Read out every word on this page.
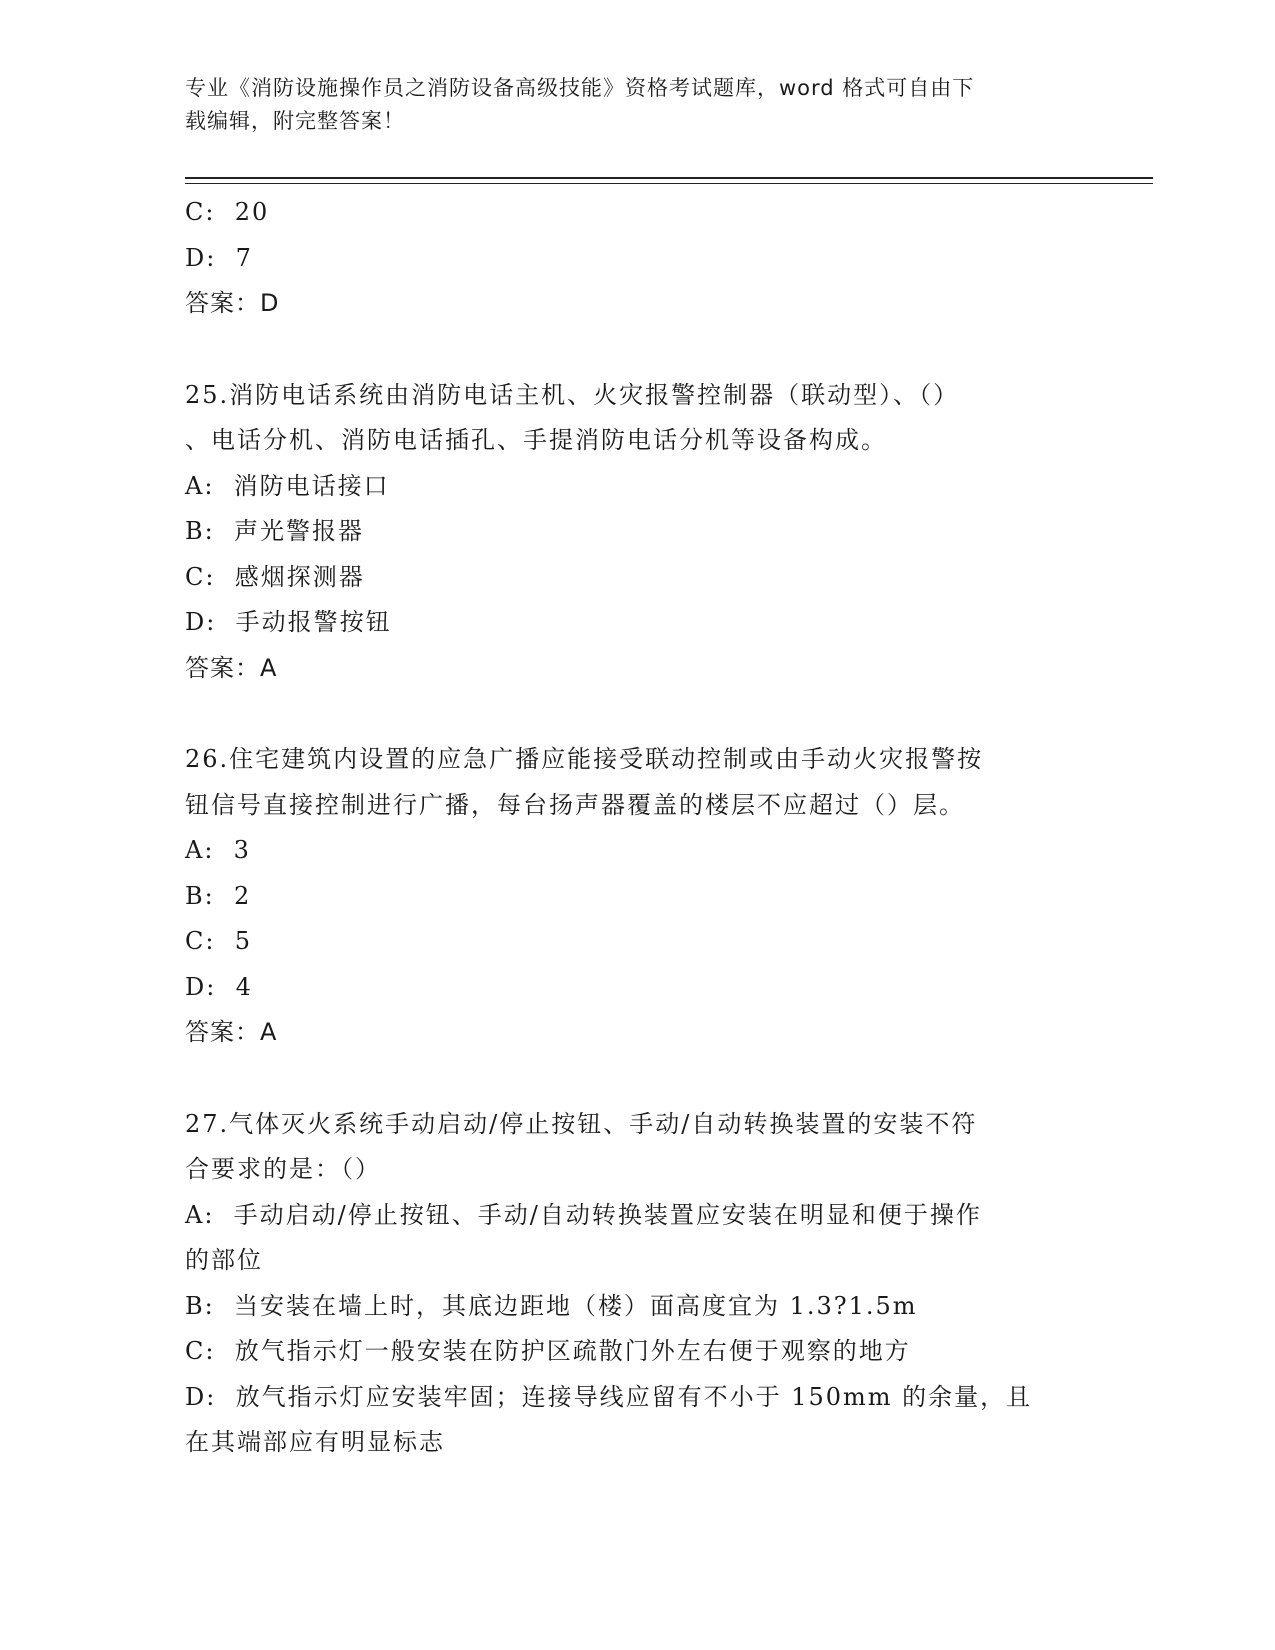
专业《消防设施操作员之消防设备高级技能》资格考试题库，word 格式可自由下
载编辑，附完整答案！
C:  20
D:  7
答案：D
25.消防电话系统由消防电话主机、火灾报警控制器（联动型）、（）
、电话分机、消防电话插孔、手提消防电话分机等设备构成。
A:  消防电话接口
B:  声光警报器
C:  感烟探测器
D:  手动报警按钮
答案：A
26.住宅建筑内设置的应急广播应能接受联动控制或由手动火灾报警按
钮信号直接控制进行广播，每台扬声器覆盖的楼层不应超过（）层。
A:  3
B:  2
C:  5
D:  4
答案：A
27.气体灭火系统手动启动/停止按钮、手动/自动转换装置的安装不符
合要求的是：（）
A:  手动启动/停止按钮、手动/自动转换装置应安装在明显和便于操作
的部位
B:  当安装在墙上时，其底边距地（楼）面高度宜为 1.3?1.5m
C:  放气指示灯一般安装在防护区疏散门外左右便于观察的地方
D:  放气指示灯应安装牢固；连接导线应留有不小于 150mm 的余量，且
在其端部应有明显标志
